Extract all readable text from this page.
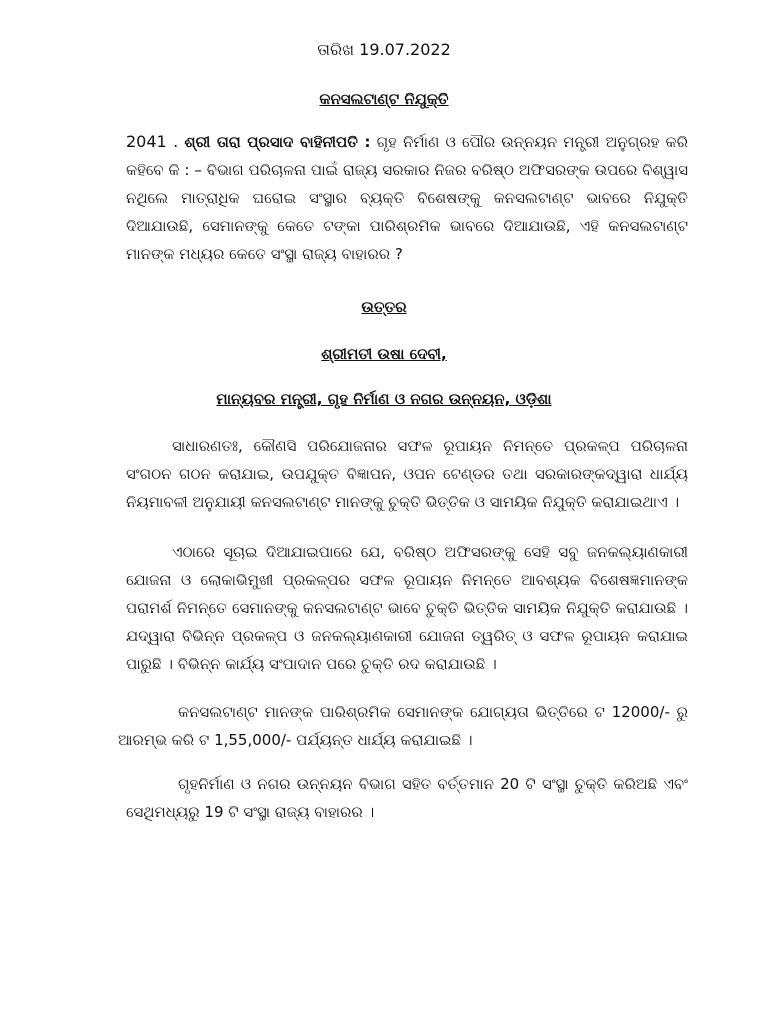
ତାରିଖ 19.07.2022
କନସଲଟାଣ୍ଟ ନିଯୁକ୍ତି
2041 . ଶ୍ରୀ ତାରା ପ୍ରସାଦ ବାହିନୀପତି : ଗୃହ ନିର୍ମାଣ ଓ ପୌର ଉନ୍ନୟନ ମନ୍ତ୍ରୀ ଅନୁଗ୍ରହ କରି କହିବେ କି : – ବିଭାଗ ପରିଚାଳନା ପାଇଁ ରାଜ୍ୟ ସରକାର ନିଜର ବରିଷ୍ଠ ଅଫିସରଙ୍କ ଉପରେ ବିଶ୍ୱାସ ନଥିଲେ ମାତ୍ରାଧିକ ଘରୋଇ ସଂସ୍ଥାର ବ୍ୟକ୍ତି ବିଶେଷଙ୍କୁ କନସଲଟାଣ୍ଟ ଭାବରେ ନିଯୁକ୍ତି ଦିଆଯାଉଛି, ସେମାନଙ୍କୁ କେତେ ଟଙ୍କା ପାରିଶ୍ରମିକ ଭାବରେ ଦିଆଯାଉଛି, ଏହି କନସଲଟାଣ୍ଟ ମାନଙ୍କ ମଧ୍ୟର କେତେ ସଂସ୍ଥା ରାଜ୍ୟ ବାହାରର ?
ଉତ୍ତର
ଶ୍ରୀମତୀ ଉଷା ଦେବୀ,
ମାନ୍ୟବର ମନ୍ତ୍ରୀ, ଗୃହ ନିର୍ମାଣ ଓ ନଗର ଉନ୍ନୟନ, ଓଡ଼ିଶା
ସାଧାରଣତଃ, କୌଣସି ପରିଯୋଜନାର ସଫଳ ରୂପାୟନ ନିମନ୍ତେ ପ୍ରକଳ୍ପ ପରିଚାଳନା ସଂଗଠନ ଗଠନ କରାଯାଇ, ଉପଯୁକ୍ତ ବିଜ୍ଞାପନ, ଓପନ ଟେଣ୍ଡର ତଥା ସରକାରଙ୍କଦ୍ୱାରା ଧାର୍ଯ୍ୟ ନିୟମାବଳୀ ଅନୁଯାୟୀ କନସଲଟାଣ୍ଟ ମାନଙ୍କୁ ଚୁକ୍ତି ଭିତ୍ତିକ ଓ ସାମୟିକ ନିଯୁକ୍ତି କରାଯାଇଥାଏ ।
ଏଠାରେ ସୂଚାଇ ଦିଆଯାଇପାରେ ଯେ, ବରିଷ୍ଠ ଅଫିସରଙ୍କୁ ସେହି ସବୁ ଜନକଲ୍ୟାଣକାରୀ ଯୋଜନା ଓ ଲୋକାଭିମୁଖୀ ପ୍ରକଳ୍ପର ସଫଳ ରୂପାୟନ ନିମନ୍ତେ ଆବଶ୍ୟକ ବିଶେଷଜ୍ଞମାନଙ୍କ ପରାମର୍ଶ ନିମନ୍ତେ ସେମାନଙ୍କୁ କନସଲଟାଣ୍ଟ ଭାବେ ଚୁକ୍ତି ଭିତ୍ତିକ ସାମୟିକ ନିଯୁକ୍ତି କରାଯାଉଛି । ଯଦ୍ୱାରା ବିଭିନ୍ନ ପ୍ରକଳ୍ପ ଓ ଜନକଲ୍ୟାଣକାରୀ ଯୋଜନା ତ୍ୱରିତ୍ ଓ ସଫଳ ରୂପାୟନ କରାଯାଇ ପାରୁଛି । ବିଭିନ୍ନ କାର୍ଯ୍ୟ ସଂପାଦାନ ପରେ ଚୁକ୍ତି ରଦ କରାଯାଉଛି ।
କନସଲଟାଣ୍ଟ ମାନଙ୍କ ପାରିଶ୍ରମିକ ସେମାନଙ୍କ ଯୋଗ୍ୟତା ଭିତ୍ତିରେ ଟ 12000/- ରୁ ଆରମ୍ଭ କରି ଟ 1,55,000/- ପର୍ଯ୍ୟନ୍ତ ଧାର୍ଯ୍ୟ କରାଯାଇଛି ।
ଗୃହନିର୍ମାଣ ଓ ନଗର ଉନ୍ନୟନ ବିଭାଗ ସହିତ ବର୍ତ୍ତମାନ 20 ଟି ସଂସ୍ଥା ଚୁକ୍ତି କରିଅଛି ଏବଂ ସେଥିମଧ୍ୟରୁ 19 ଟି ସଂସ୍ଥା ରାଜ୍ୟ ବାହାରର ।
